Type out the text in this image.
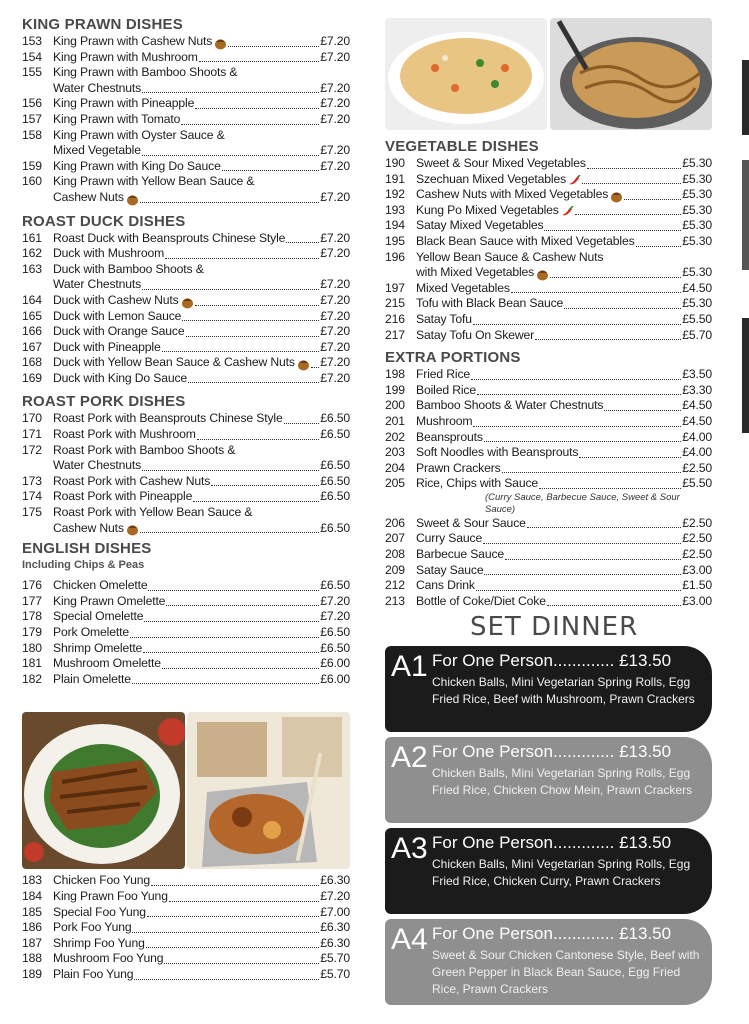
KING PRAWN DISHES
153 King Prawn with Cashew Nuts	£7.20
154 King Prawn with Mushroom	£7.20
155 King Prawn with Bamboo Shoots &
Water Chestnuts	£7.20
156 King Prawn with Pineapple	£7.20
157 King Prawn with Tomato	£7.20
158 King Prawn with Oyster Sauce &
Mixed Vegetable	£7.20
159 King Prawn with King Do Sauce	£7.20
160 King Prawn with Yellow Bean Sauce &
Cashew Nuts	£7.20
ROAST DUCK DISHES
161 Roast Duck with Beansprouts Chinese Style	£7.20
162 Duck with Mushroom	£7.20
163 Duck with Bamboo Shoots &
Water Chestnuts	£7.20
164 Duck with Cashew Nuts	£7.20
165 Duck with Lemon Sauce	£7.20
166 Duck with Orange Sauce	£7.20
167 Duck with Pineapple	£7.20
168 Duck with Yellow Bean Sauce & Cashew Nuts £7.20
169 Duck with King Do Sauce	£7.20
ROAST PORK DISHES
170 Roast Pork with Beansprouts Chinese Style	£6.50
171 Roast Pork with Mushroom	£6.50
172 Roast Pork with Bamboo Shoots &
Water Chestnuts	£6.50
173 Roast Pork with Cashew Nuts	£6.50
174 Roast Pork with Pineapple	£6.50
175 Roast Pork with Yellow Bean Sauce &
Cashew Nuts	£6.50
ENGLISH DISHES
Including Chips & Peas
176 Chicken Omelette	£6.50
177 King Prawn Omelette	£7.20
178 Special Omelette	£7.20
179 Pork Omelette	£6.50
180 Shrimp Omelette	£6.50
181 Mushroom Omelette	£6.00
182 Plain Omelette	£6.00
183 Chicken Foo Yung	£6.30
184 King Prawn Foo Yung	£7.20
185 Special Foo Yung	£7.00
186 Pork Foo Yung	£6.30
187 Shrimp Foo Yung	£6.30
188 Mushroom Foo Yung	£5.70
189 Plain Foo Yung	£5.70
VEGETABLE DISHES
190 Sweet & Sour Mixed Vegetables	£5.30
191 Szechuan Mixed Vegetables	£5.30
192 Cashew Nuts with Mixed Vegetables	£5.30
193 Kung Po Mixed Vegetables	£5.30
194 Satay Mixed Vegetables	£5.30
195 Black Bean Sauce with Mixed Vegetables	£5.30
196 Yellow Bean Sauce & Cashew Nuts
with Mixed Vegetables	£5.30
197 Mixed Vegetables	£4.50
215 Tofu with Black Bean Sauce	£5.30
216 Satay Tofu	£5.50
217 Satay Tofu On Skewer	£5.70
EXTRA PORTIONS
198 Fried Rice	£3.50
199 Boiled Rice	£3.30
200 Bamboo Shoots & Water Chestnuts	£4.50
201 Mushroom	£4.50
202 Beansprouts	£4.00
203 Soft Noodles with Beansprouts	£4.00
204 Prawn Crackers	£2.50
205 Rice, Chips with Sauce	£5.50
(Curry Sauce, Barbecue Sauce, Sweet & Sour Sauce)
206 Sweet & Sour Sauce	£2.50
207 Curry Sauce	£2.50
208 Barbecue Sauce	£2.50
209 Satay Sauce	£3.00
212 Cans Drink	£1.50
213 Bottle of Coke/Diet Coke	£3.00
SET DINNER
A1 For One Person............. £13.50
Chicken Balls, Mini Vegetarian Spring Rolls, Egg Fried Rice, Beef with Mushroom, Prawn Crackers
A2 For One Person............. £13.50
Chicken Balls, Mini Vegetarian Spring Rolls, Egg Fried Rice, Chicken Chow Mein, Prawn Crackers
A3 For One Person............. £13.50
Chicken Balls, Mini Vegetarian Spring Rolls, Egg Fried Rice, Chicken Curry, Prawn Crackers
A4 For One Person............. £13.50
Sweet & Sour Chicken Cantonese Style, Beef with Green Pepper in Black Bean Sauce, Egg Fried Rice, Prawn Crackers
